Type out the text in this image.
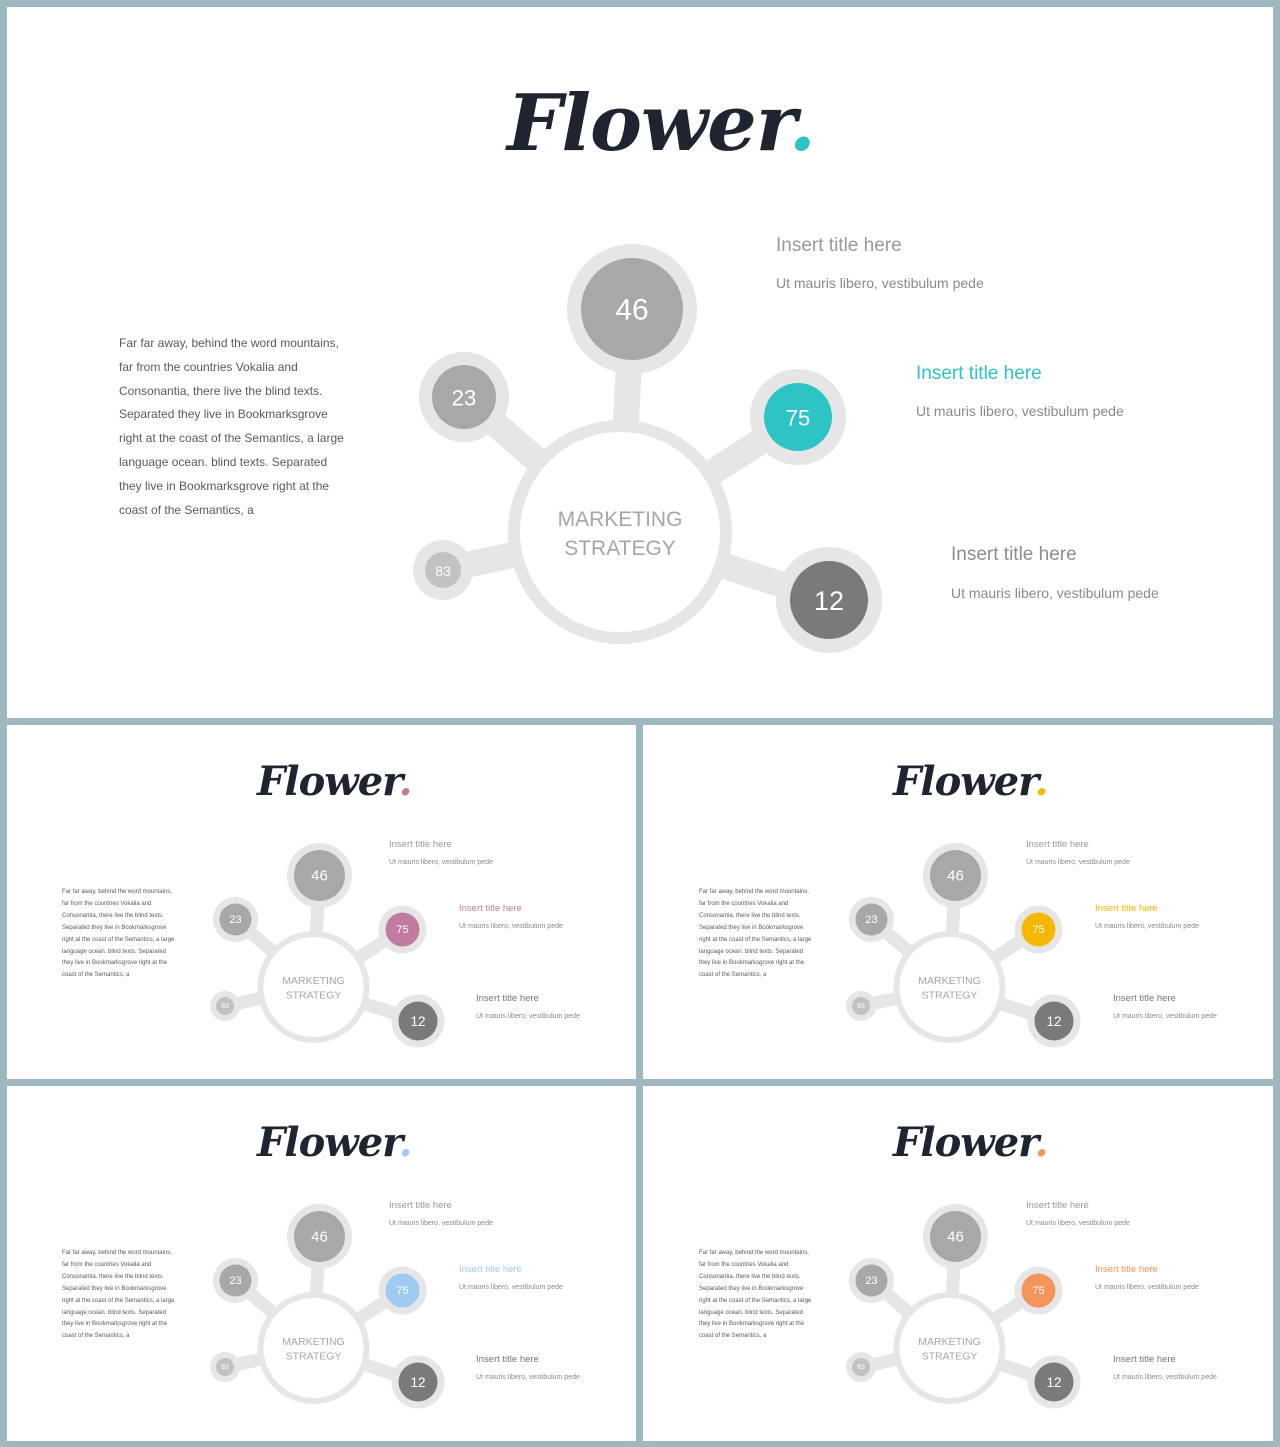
Flower.
Far far away, behind the word mountains,
far from the countries Vokalia and
Consonantia, there live the blind texts.
Separated they live in Bookmarksgrove
right at the coast of the Semantics, a large
language ocean. blind texts. Separated
they live in Bookmarksgrove right at the
coast of the Semantics, a	MARKETING
STRATEGY
46
23
75
83
12
Insert title here
Ut mauris libero, vestibulum pede
Insert title here
Ut mauris libero, vestibulum pede
Insert title here
Ut mauris libero, vestibulum pede
Flower.
Far far away, behind the word mountains,
far from the countries Vokalia and
Consonantia, there live the blind texts.
Separated they live in Bookmarksgrove
right at the coast of the Semantics, a large
language ocean. blind texts. Separated
they live in Bookmarksgrove right at the
coast of the Semantics, a	MARKETING
STRATEGY
46
23
75
83
12
Insert title here
Ut mauris libero, vestibulum pede
Insert title here
Ut mauris libero, vestibulum pede
Insert title here
Ut mauris libero, vestibulum pede
Flower.
Far far away, behind the word mountains,
far from the countries Vokalia and
Consonantia, there live the blind texts.
Separated they live in Bookmarksgrove
right at the coast of the Semantics, a large
language ocean. blind texts. Separated
they live in Bookmarksgrove right at the
coast of the Semantics, a	MARKETING
STRATEGY
46
23
75
83
12
Insert title here
Ut mauris libero, vestibulum pede
Insert title here
Ut mauris libero, vestibulum pede
Insert title here
Ut mauris libero, vestibulum pede
Flower.
Far far away, behind the word mountains,
far from the countries Vokalia and
Consonantia, there live the blind texts.
Separated they live in Bookmarksgrove
right at the coast of the Semantics, a large
language ocean. blind texts. Separated
they live in Bookmarksgrove right at the
coast of the Semantics, a	MARKETING
STRATEGY
46
23
75
83
12
Insert title here
Ut mauris libero, vestibulum pede
Insert title here
Ut mauris libero, vestibulum pede
Insert title here
Ut mauris libero, vestibulum pede
Flower.
Far far away, behind the word mountains,
far from the countries Vokalia and
Consonantia, there live the blind texts.
Separated they live in Bookmarksgrove
right at the coast of the Semantics, a large
language ocean. blind texts. Separated
they live in Bookmarksgrove right at the
coast of the Semantics, a	MARKETING
STRATEGY
46
23
75
83
12
Insert title here
Ut mauris libero, vestibulum pede
Insert title here
Ut mauris libero, vestibulum pede
Insert title here
Ut mauris libero, vestibulum pede
